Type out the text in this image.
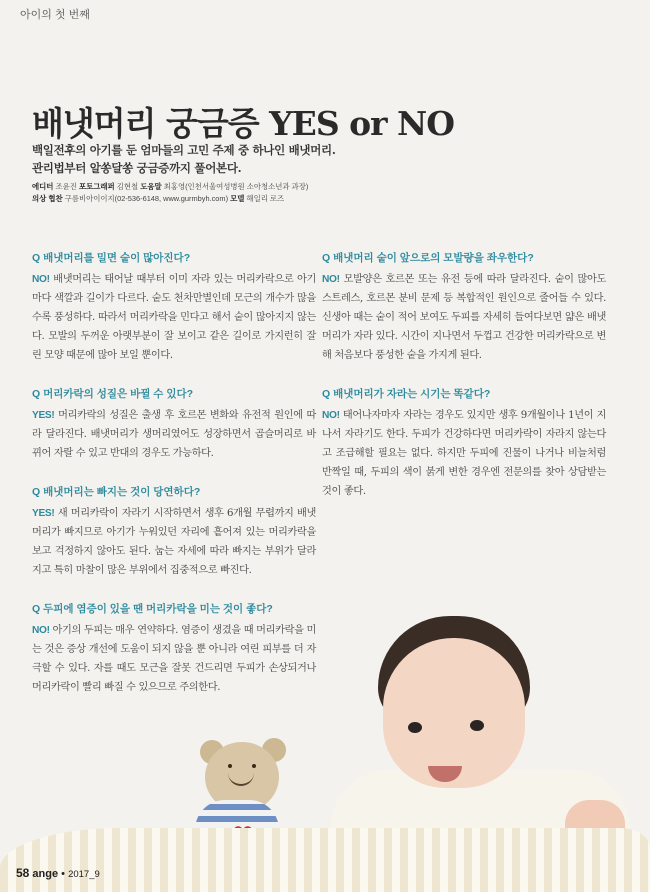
아이의 첫 번째
배냇머리 궁금증 YES or NO
백일전후의 아기를 둔 엄마들의 고민 주제 중 하나인 배냇머리.
관리법부터 알쏭달쏭 궁금증까지 풀어본다.
에디터 조윤진 포토그래퍼 김현철 도움말 최홍영(인천서울여성병원 소아청소년과 과장)
의상 협찬 구름비아이이지(02-536-6148, www.gurmbyh.com) 모델 해일리 로즈
Q 배냇머리를 밀면 숱이 많아진다?

NO! 배냇머리는 태어날 때부터 이미 자라 있는 머리카락으로 아기마다 색깔과 길이가 다르다. 숱도 천차만별인데 모근의 개수가 많을수록 풍성하다. 따라서 머리카락을 민다고 해서 숱이 많아지지 않는다. 모발의 두꺼운 아랫부분이 잘 보이고 같은 길이로 가지런히 잘린 모양 때문에 많아 보일 뿐이다.

Q 머리카락의 성질은 바뀔 수 있다?

YES! 머리카락의 성질은 출생 후 호르몬 변화와 유전적 원인에 따라 달라진다. 배냇머리가 생머리였어도 성장하면서 곱슬머리로 바뀌어 자랄 수 있고 반대의 경우도 가능하다.

Q 배냇머리는 빠지는 것이 당연하다?

YES! 새 머리카락이 자라기 시작하면서 생후 6개월 무렵까지 배냇머리가 빠지므로 아기가 누워있던 자리에 흩어져 있는 머리카락을 보고 걱정하지 않아도 된다. 눕는 자세에 따라 빠지는 부위가 달라지고 특히 마찰이 많은 부위에서 집중적으로 빠진다.

Q 두피에 염증이 있을 땐 머리카락을 미는 것이 좋다?

NO! 아기의 두피는 매우 연약하다. 염증이 생겼을 때 머리카락을 미는 것은 증상 개선에 도움이 되지 않을 뿐 아니라 여린 피부를 더 자극할 수 있다. 자를 때도 모근을 잘못 건드리면 두피가 손상되거나 머리카락이 빨리 빠질 수 있으므로 주의한다.

Q 배냇머리 숱이 앞으로의 모발량을 좌우한다?

NO! 모발양은 호르몬 또는 유전 등에 따라 달라진다. 숱이 많아도 스트레스, 호르몬 분비 문제 등 복합적인 원인으로 줄어들 수 있다. 신생아 때는 숱이 적어 보여도 두피를 자세히 들여다보면 얇은 배냇머리가 자라 있다. 시간이 지나면서 두껍고 건강한 머리카락으로 변해 처음보다 풍성한 숱을 가지게 된다.

Q 배냇머리가 자라는 시기는 똑같다?

NO! 태어나자마자 자라는 경우도 있지만 생후 9개월이나 1년이 지나서 자라기도 한다. 두피가 건강하다면 머리카락이 자라지 않는다고 조급해할 필요는 없다. 하지만 두피에 진물이 나거나 비늘처럼 반짝일 때, 두피의 색이 붉게 변한 경우엔 전문의를 찾아 상담받는 것이 좋다.

58 ange • 2017_9
